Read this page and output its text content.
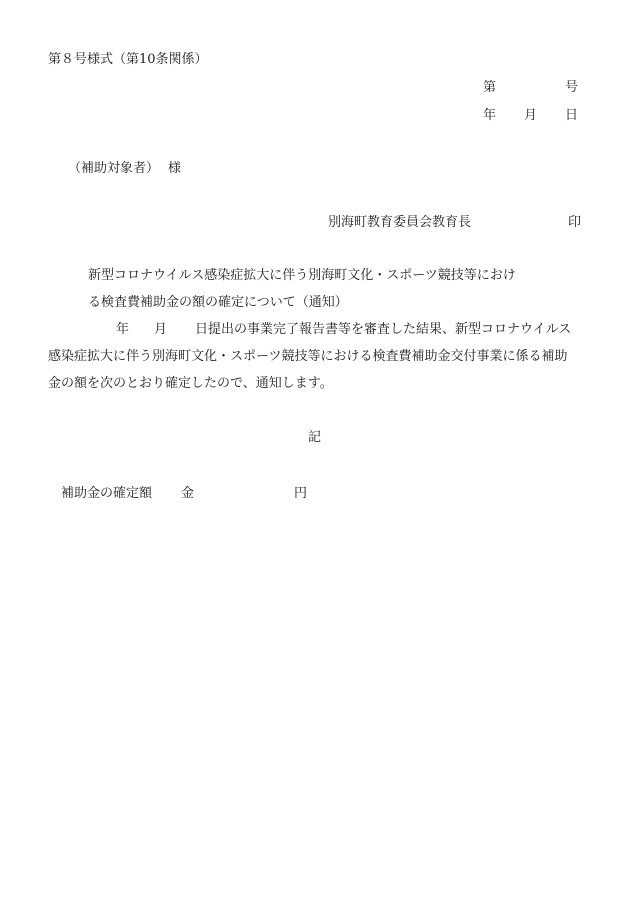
第８号様式（第10条関係）
第	号
年 月 日
（補助対象者） 様
別海町教育委員会教育長	印
新型コロナウイルス感染症拡大に伴う別海町文化・スポーツ競技等におけ
る検査費補助金の額の確定について（通知）
年 月 日提出の事業完了報告書等を審査した結果、新型コロナウイルス
感染症拡大に伴う別海町文化・スポーツ競技等における検査費補助金交付事業に係る補助
金の額を次のとおり確定したので、通知します。
記
補助金の確定額 金	円
